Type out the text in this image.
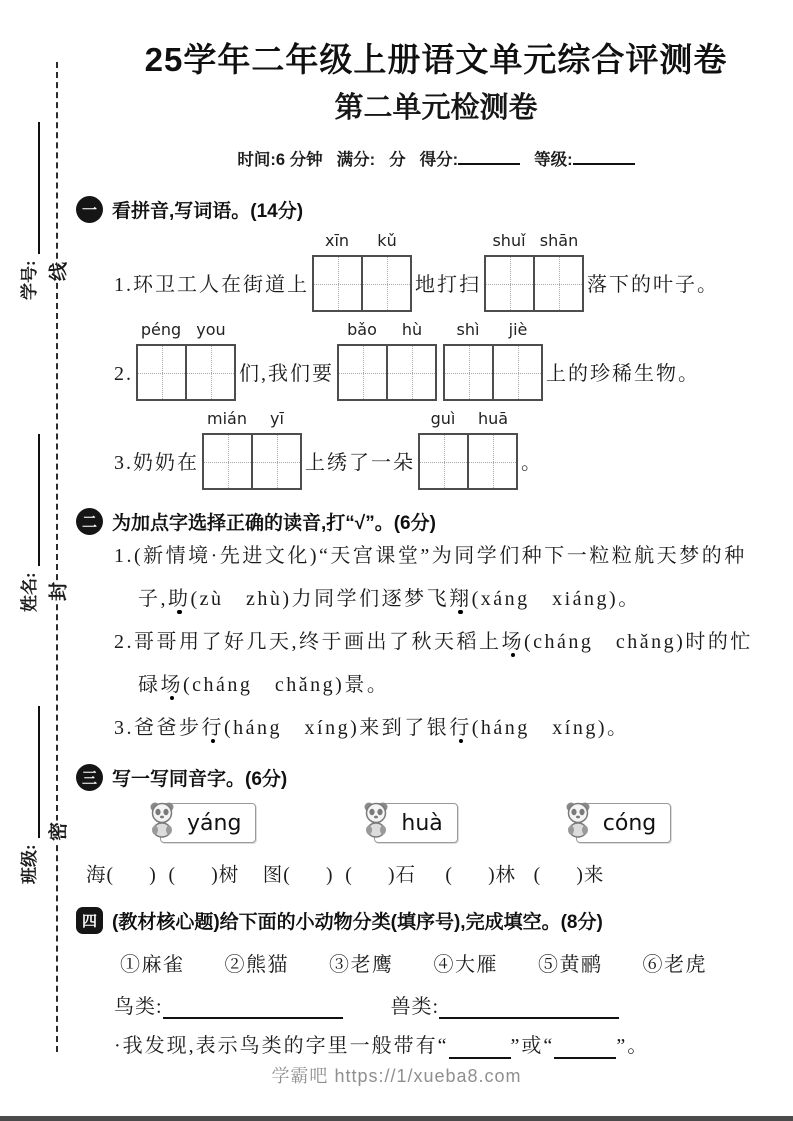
学号:
姓名:
班级:
线
封
密
25学年二年级上册语文单元综合评测卷
第二单元检测卷
时间:6 分钟 满分: 分 得分:	等级:
一 看拼音,写词语。(14分)
1.环卫工人在街道上
xīn	kǔ
地打扫
shuǐ shān
落下的叶子。
2.
péng you
们,我们要
bǎo	hù	shì	jiè
上的珍稀生物。
3.奶奶在
mián	yī
上绣了一朵
guì	huā
。
二 为加点字选择正确的读音,打“√”。(6分)
1.(新情境·先进文化)“天宫课堂”为同学们种下一粒粒航天梦的种
子,助(zù   zhù)力同学们逐梦飞翔(xáng   xiáng)。
2.哥哥用了好几天,终于画出了秋天稻上场(cháng   chǎng)时的忙
碌场(cháng   chǎng)景。
3.爸爸步行(háng   xíng)来到了银行(háng   xíng)。
三 写一写同音字。(6分)
yáng	huà	cóng
海(      )  (      )树    图(      )  (      )石     (      )林   (      )来
四 (教材核心题)给下面的小动物分类(填序号),完成填空。(8分)
①麻雀 ②熊猫 ③老鹰 ④大雁 ⑤黄鹂 ⑥老虎
鸟类:	兽类:
·我发现,表示鸟类的字里一般带有“	”或“	”。
学霸吧 https://1/xueba8.com
